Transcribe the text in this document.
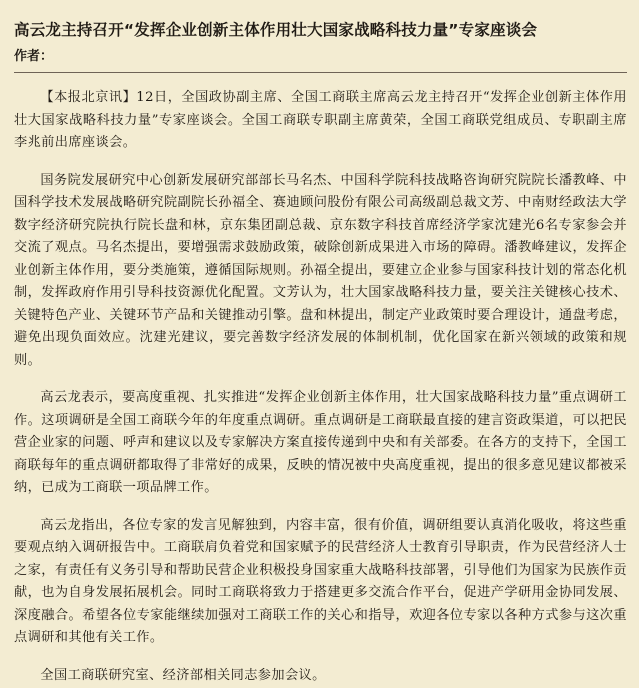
高云龙主持召开“发挥企业创新主体作用壮大国家战略科技力量”专家座谈会
作者：

【本报北京讯】12日，全国政协副主席、全国工商联主席高云龙主持召开“发挥企业创新主体作用壮大国家战略科技力量”专家座谈会。全国工商联专职副主席黄荣，全国工商联党组成员、专职副主席李兆前出席座谈会。

国务院发展研究中心创新发展研究部部长马名杰、中国科学院科技战略咨询研究院院长潘教峰、中国科学技术发展战略研究院副院长孙福全、赛迪顾问股份有限公司高级副总裁文芳、中南财经政法大学数字经济研究院执行院长盘和林，京东集团副总裁、京东数字科技首席经济学家沈建光6名专家参会并交流了观点。马名杰提出，要增强需求鼓励政策，破除创新成果进入市场的障碍。潘教峰建议，发挥企业创新主体作用，要分类施策，遵循国际规则。孙福全提出，要建立企业参与国家科技计划的常态化机制，发挥政府作用引导科技资源优化配置。文芳认为，壮大国家战略科技力量，要关注关键核心技术、关键特色产业、关键环节产品和关键推动引擎。盘和林提出，制定产业政策时要合理设计，通盘考虑，避免出现负面效应。沈建光建议，要完善数字经济发展的体制机制，优化国家在新兴领域的政策和规则。

高云龙表示，要高度重视、扎实推进“发挥企业创新主体作用，壮大国家战略科技力量”重点调研工作。这项调研是全国工商联今年的年度重点调研。重点调研是工商联最直接的建言资政渠道，可以把民营企业家的问题、呼声和建议以及专家解决方案直接传递到中央和有关部委。在各方的支持下，全国工商联每年的重点调研都取得了非常好的成果，反映的情况被中央高度重视，提出的很多意见建议都被采纳，已成为工商联一项品牌工作。

高云龙指出，各位专家的发言见解独到，内容丰富，很有价值，调研组要认真消化吸收，将这些重要观点纳入调研报告中。工商联肩负着党和国家赋予的民营经济人士教育引导职责，作为民营经济人士之家，有责任有义务引导和帮助民营企业积极投身国家重大战略科技部署，引导他们为国家为民族作贡献，也为自身发展拓展机会。同时工商联将致力于搭建更多交流合作平台，促进产学研用金协同发展、深度融合。希望各位专家能继续加强对工商联工作的关心和指导，欢迎各位专家以各种方式参与这次重点调研和其他有关工作。

全国工商联研究室、经济部相关同志参加会议。
